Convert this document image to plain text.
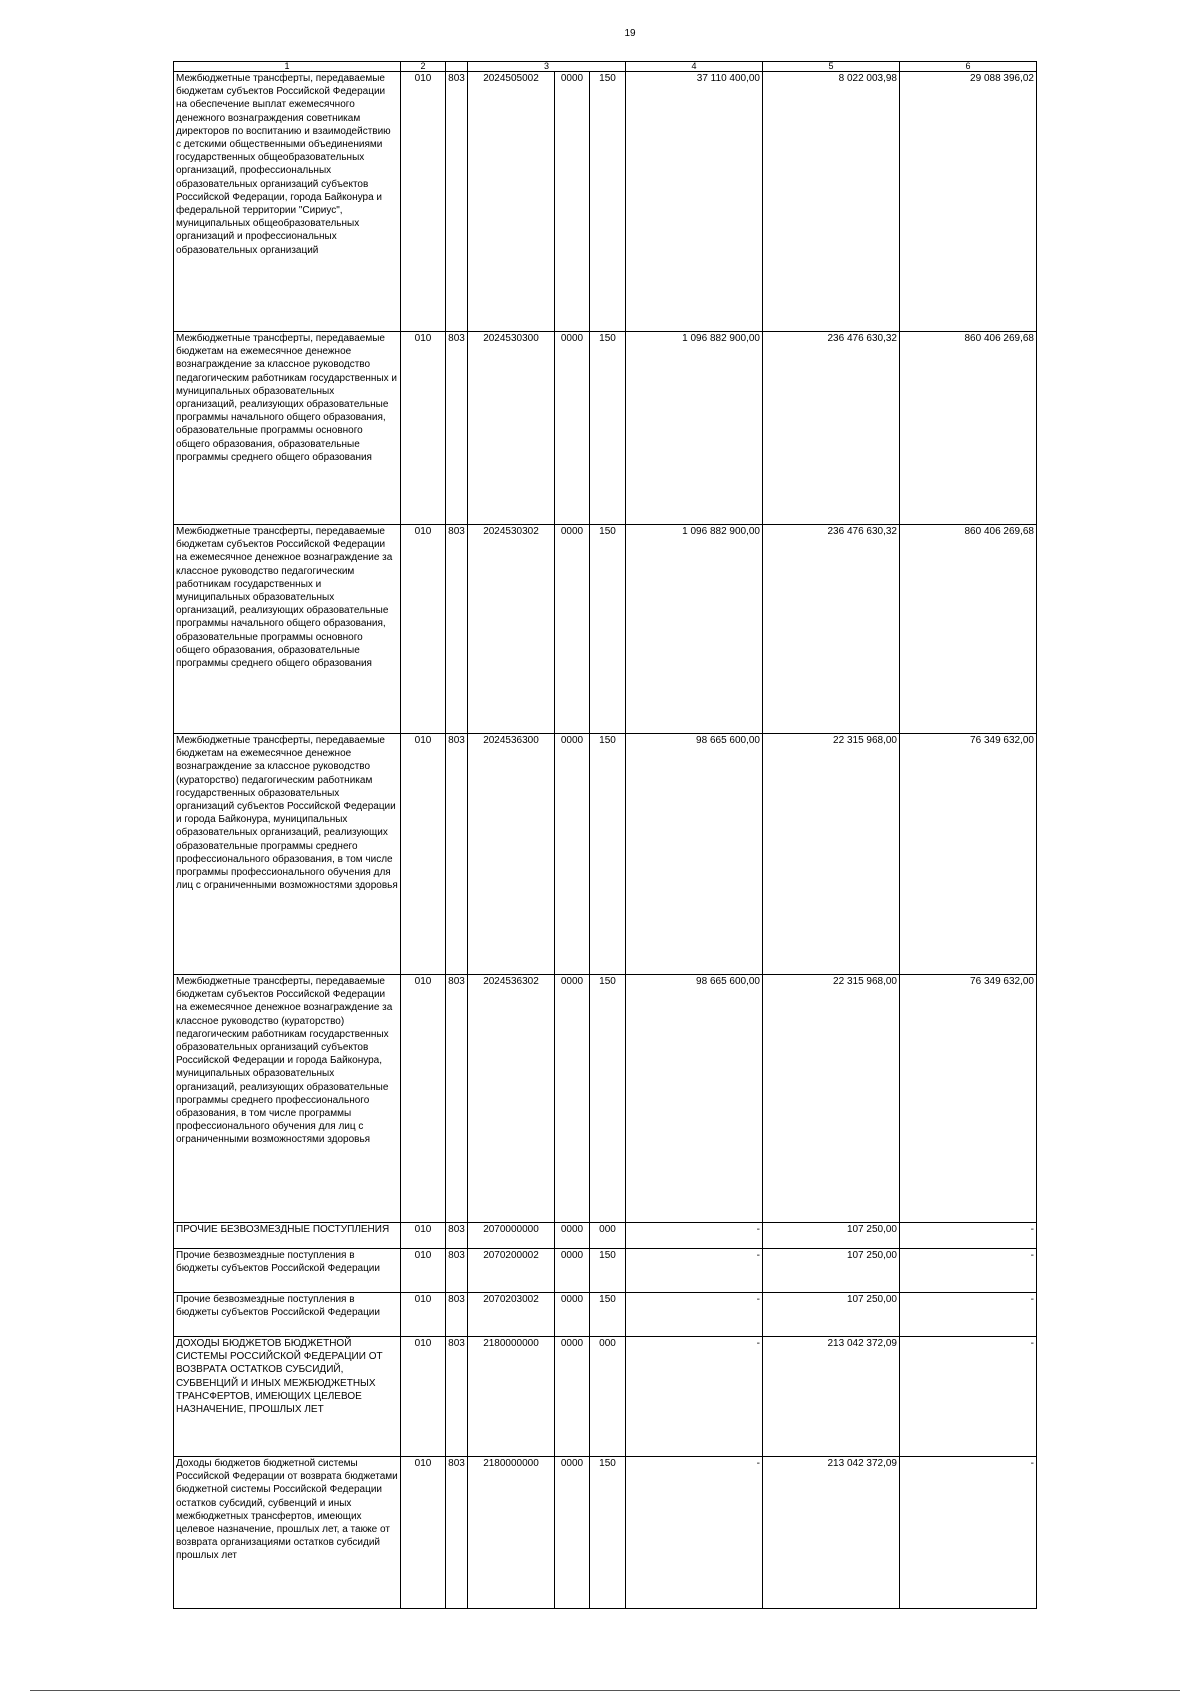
19
1	2		3			4	5	6
Межбюджетные трансферты, передаваемые бюджетам субъектов Российской Федерации на обеспечение выплат ежемесячного денежного вознаграждения советникам директоров по воспитанию и взаимодействию с детскими общественными объединениями государственных общеобразовательных организаций, профессиональных образовательных организаций субъектов Российской Федерации, города Байконура и федеральной территории "Сириус", муниципальных общеобразовательных организаций и профессиональных образовательных организаций	010	803	2024505002	0000	150	37 110 400,00	8 022 003,98	29 088 396,02
Межбюджетные трансферты, передаваемые бюджетам на ежемесячное денежное вознаграждение за классное руководство педагогическим работникам государственных и муниципальных образовательных организаций, реализующих образовательные программы начального общего образования, образовательные программы основного общего образования, образовательные программы среднего общего образования	010	803	2024530300	0000	150	1 096 882 900,00	236 476 630,32	860 406 269,68
Межбюджетные трансферты, передаваемые бюджетам субъектов Российской Федерации на ежемесячное денежное вознаграждение за классное руководство педагогическим работникам государственных и муниципальных образовательных организаций, реализующих образовательные программы начального общего образования, образовательные программы основного общего образования, образовательные программы среднего общего образования	010	803	2024530302	0000	150	1 096 882 900,00	236 476 630,32	860 406 269,68
Межбюджетные трансферты, передаваемые бюджетам на ежемесячное денежное вознаграждение за классное руководство (кураторство) педагогическим работникам государственных образовательных организаций субъектов Российской Федерации и города Байконура, муниципальных образовательных организаций, реализующих образовательные программы среднего профессионального образования, в том числе программы профессионального обучения для лиц с ограниченными возможностями здоровья	010	803	2024536300	0000	150	98 665 600,00	22 315 968,00	76 349 632,00
Межбюджетные трансферты, передаваемые бюджетам субъектов Российской Федерации на ежемесячное денежное вознаграждение за классное руководство (кураторство) педагогическим работникам государственных образовательных организаций субъектов Российской Федерации и города Байконура, муниципальных образовательных организаций, реализующих образовательные программы среднего профессионального образования, в том числе программы профессионального обучения для лиц с ограниченными возможностями здоровья	010	803	2024536302	0000	150	98 665 600,00	22 315 968,00	76 349 632,00
ПРОЧИЕ БЕЗВОЗМЕЗДНЫЕ ПОСТУПЛЕНИЯ	010	803	2070000000	0000	000	-	107 250,00	-
Прочие безвозмездные поступления в бюджеты субъектов Российской Федерации	010	803	2070200002	0000	150	-	107 250,00	-
Прочие безвозмездные поступления в бюджеты субъектов Российской Федерации	010	803	2070203002	0000	150	-	107 250,00	-
ДОХОДЫ БЮДЖЕТОВ БЮДЖЕТНОЙ СИСТЕМЫ РОССИЙСКОЙ ФЕДЕРАЦИИ ОТ ВОЗВРАТА ОСТАТКОВ СУБСИДИЙ, СУБВЕНЦИЙ И ИНЫХ МЕЖБЮДЖЕТНЫХ ТРАНСФЕРТОВ, ИМЕЮЩИХ ЦЕЛЕВОЕ НАЗНАЧЕНИЕ, ПРОШЛЫХ ЛЕТ	010	803	2180000000	0000	000	-	213 042 372,09	-
Доходы бюджетов бюджетной системы Российской Федерации от возврата бюджетами бюджетной системы Российской Федерации остатков субсидий, субвенций и иных межбюджетных трансфертов, имеющих целевое назначение, прошлых лет, а также от возврата организациями остатков субсидий прошлых лет	010	803	2180000000	0000	150	-	213 042 372,09	-
